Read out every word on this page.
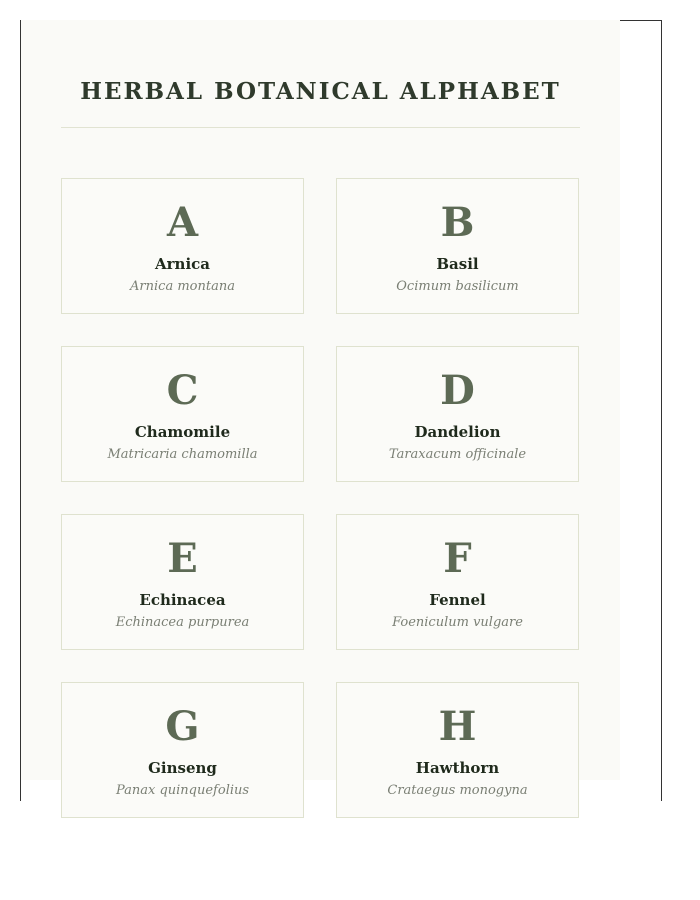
HERBAL BOTANICAL ALPHABET
A
Arnica
Arnica montana
B
Basil
Ocimum basilicum
C
Chamomile
Matricaria chamomilla
D
Dandelion
Taraxacum officinale
E
Echinacea
Echinacea purpurea
F
Fennel
Foeniculum vulgare
G
Ginseng
Panax quinquefolius
H
Hawthorn
Crataegus monogyna
